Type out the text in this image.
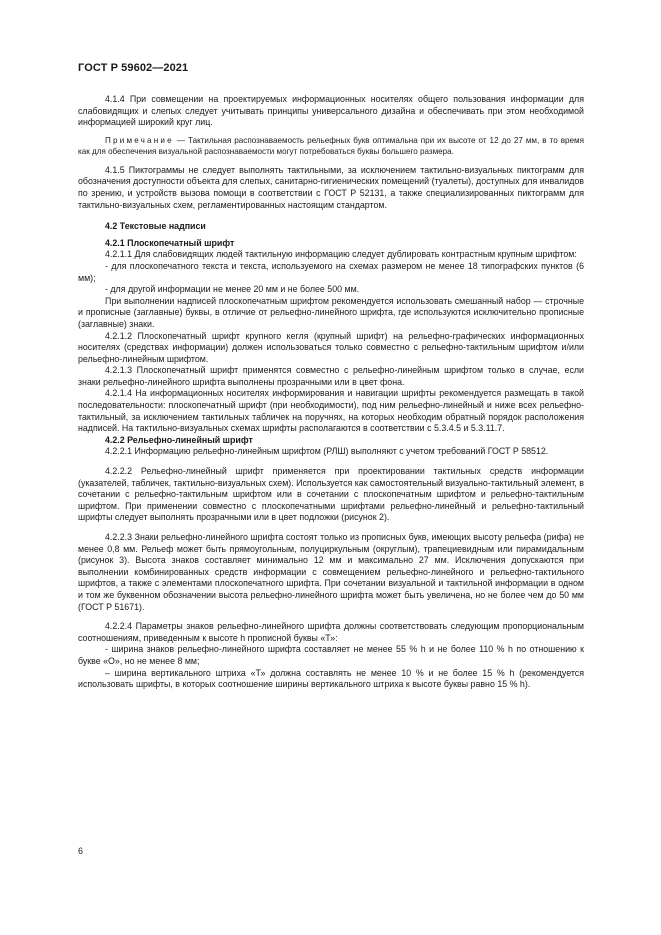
ГОСТ Р 59602—2021

4.1.4 При совмещении на проектируемых информационных носителях общего пользования информации для слабовидящих и слепых следует учитывать принципы универсального дизайна и обеспечивать при этом необходимой информацией широкий круг лиц.

Примечание — Тактильная распознаваемость рельефных букв оптимальна при их высоте от 12 до 27 мм, в то время как для обеспечения визуальной распознаваемости могут потребоваться буквы большего размера.

4.1.5 Пиктограммы не следует выполнять тактильными, за исключением тактильно-визуальных пиктограмм для обозначения доступности объекта для слепых, санитарно-гигиенических помещений (туалеты), доступных для инвалидов по зрению, и устройств вызова помощи в соответствии с ГОСТ Р 52131, а также специализированных пиктограмм для тактильно-визуальных схем, регламентированных настоящим стандартом.

4.2 Текстовые надписи

4.2.1 Плоскопечатный шрифт

4.2.1.1 Для слабовидящих людей тактильную информацию следует дублировать контрастным крупным шрифтом:

- для плоскопечатного текста и текста, используемого на схемах размером не менее 18 типографских пунктов (6 мм);

- для другой информации не менее 20 мм и не более 500 мм.

При выполнении надписей плоскопечатным шрифтом рекомендуется использовать смешанный набор — строчные и прописные (заглавные) буквы, в отличие от рельефно-линейного шрифта, где используются исключительно прописные (заглавные) знаки.

4.2.1.2 Плоскопечатный шрифт крупного кегля (крупный шрифт) на рельефно-графических информационных носителях (средствах информации) должен использоваться только совместно с рельефно-тактильным шрифтом и/или рельефно-линейным шрифтом.

4.2.1.3 Плоскопечатный шрифт применятся совместно с рельефно-линейным шрифтом только в случае, если знаки рельефно-линейного шрифта выполнены прозрачными или в цвет фона.

4.2.1.4 На информационных носителях информирования и навигации шрифты рекомендуется размещать в такой последовательности: плоскопечатный шрифт (при необходимости), под ним рельефно-линейный и ниже всех рельефно-тактильный, за исключением тактильных табличек на поручнях, на которых необходим обратный порядок расположения надписей. На тактильно-визуальных схемах шрифты располагаются в соответствии с 5.3.4.5 и 5.3.11.7.

4.2.2 Рельефно-линейный шрифт

4.2.2.1 Информацию рельефно-линейным шрифтом (РЛШ) выполняют с учетом требований ГОСТ Р 58512.

4.2.2.2 Рельефно-линейный шрифт применяется при проектировании тактильных средств информации (указателей, табличек, тактильно-визуальных схем). Используется как самостоятельный визуально-тактильный элемент, в сочетании с рельефно-тактильным шрифтом или в сочетании с плоскопечатным шрифтом и рельефно-тактильным шрифтом. При применении совместно с плоскопечатными шрифтами рельефно-линейный и рельефно-тактильный шрифты следует выполнять прозрачными или в цвет подложки (рисунок 2).

4.2.2.3 Знаки рельефно-линейного шрифта состоят только из прописных букв, имеющих высоту рельефа (рифа) не менее 0,8 мм. Рельеф может быть прямоугольным, полуциркульным (округлым), трапециевидным или пирамидальным (рисунок 3). Высота знаков составляет минимально 12 мм и максимально 27 мм. Исключения допускаются при выполнении комбинированных средств информации с совмещением рельефно-линейного и рельефно-тактильного шрифтов, а также с элементами плоскопечатного шрифта. При сочетании визуальной и тактильной информации в одном и том же буквенном обозначении высота рельефно-линейного шрифта может быть увеличена, но не более чем до 50 мм (ГОСТ Р 51671).

4.2.2.4 Параметры знаков рельефно-линейного шрифта должны соответствовать следующим пропорциональным соотношениям, приведенным к высоте h прописной буквы «Т»:

- ширина знаков рельефно-линейного шрифта составляет не менее 55 % h и не более 110 % h по отношению к букве «О», но не менее 8 мм;

– ширина вертикального штриха «Т» должна составлять не менее 10 % и не более 15 % h (рекомендуется использовать шрифты, в которых соотношение ширины вертикального штриха к высоте буквы равно 15 % h).

6
